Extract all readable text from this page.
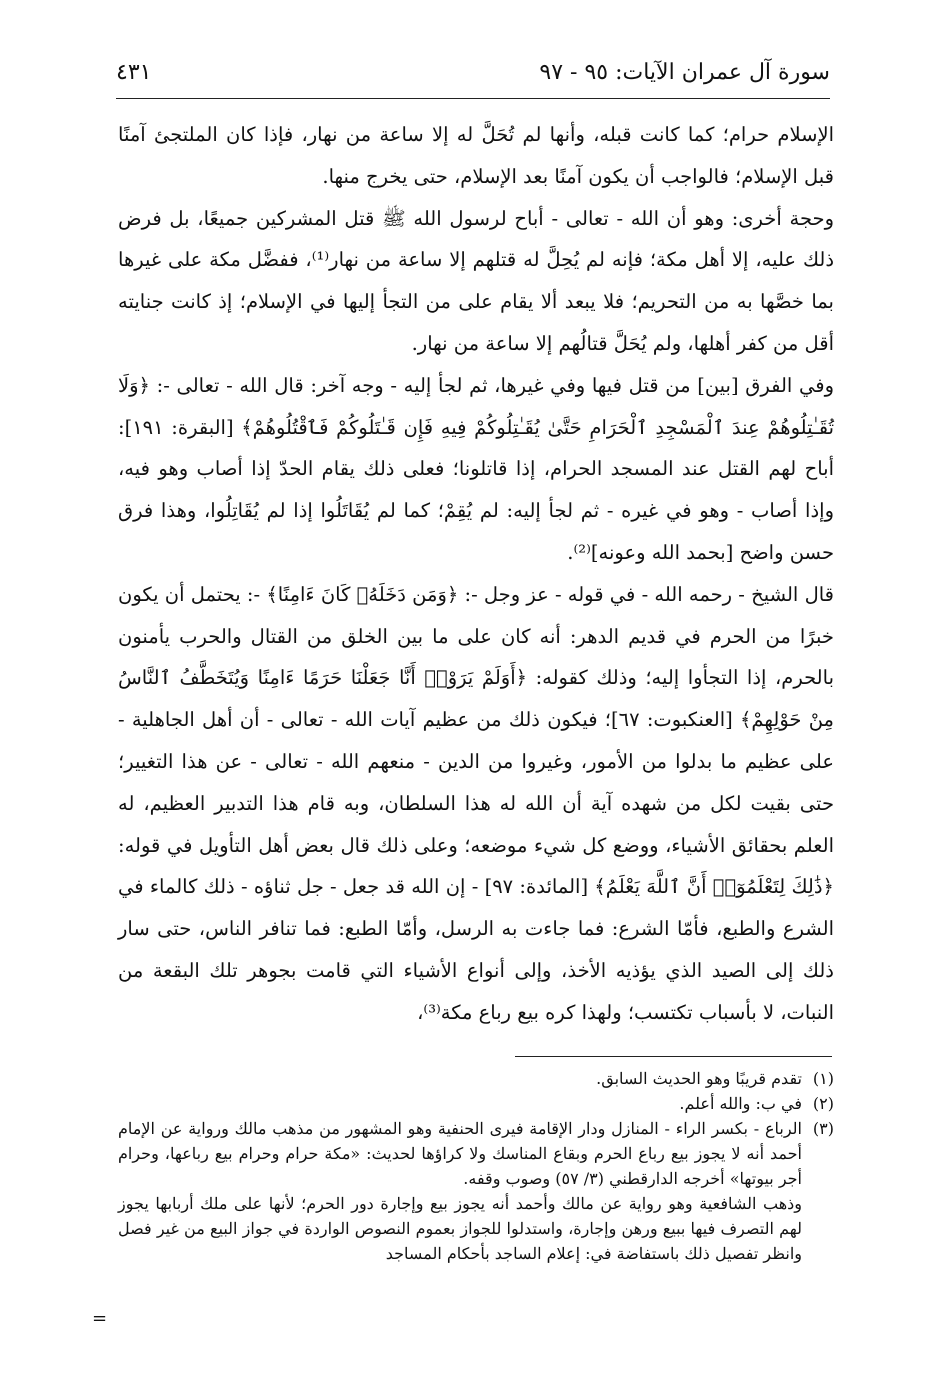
سورة آل عمران الآيات: ٩٥ - ٩٧
٤٣١

الإسلام حرام؛ كما كانت قبله، وأنها لم تُحَلَّ له إلا ساعة من نهار، فإذا كان الملتجئ آمنًا قبل الإسلام؛ فالواجب أن يكون آمنًا بعد الإسلام، حتى يخرج منها.

وحجة أخرى: وهو أن الله - تعالى - أباح لرسول الله ﷺ قتل المشركين جميعًا، بل فرض ذلك عليه، إلا أهل مكة؛ فإنه لم يُحِلَّ له قتلهم إلا ساعة من نهار⁽¹⁾، ففضَّل مكة على غيرها بما خصَّها به من التحريم؛ فلا يبعد ألا يقام على من التجأ إليها في الإسلام؛ إذ كانت جنايته أقل من كفر أهلها، ولم يُحَلَّ قتالُهم إلا ساعة من نهار.

وفي الفرق [بين] من قتل فيها وفي غيرها، ثم لجأ إليه - وجه آخر: قال الله - تعالى -: ﴿وَلَا تُقَـٰتِلُوهُمْ عِندَ ٱلْمَسْجِدِ ٱلْحَرَامِ حَتَّىٰ يُقَـٰتِلُوكُمْ فِيهِ فَإِن قَـٰتَلُوكُمْ فَٱقْتُلُوهُمْ﴾ [البقرة: ١٩١]: أباح لهم القتل عند المسجد الحرام، إذا قاتلونا؛ فعلى ذلك يقام الحدّ إذا أصاب وهو فيه، وإذا أصاب - وهو في غيره - ثم لجأ إليه: لم يُقِمْ؛ كما لم يُقَاتَلُوا إذا لم يُقَاتِلُوا، وهذا فرق حسن واضح [بحمد الله وعونه]⁽²⁾.

قال الشيخ - رحمه الله - في قوله - عز وجل -: ﴿وَمَن دَخَلَهُۥ كَانَ ءَامِنًا﴾ -: يحتمل أن يكون خبرًا من الحرم في قديم الدهر: أنه كان على ما بين الخلق من القتال والحرب يأمنون بالحرم، إذا التجأوا إليه؛ وذلك كقوله: ﴿أَوَلَمْ يَرَوْا۟ أَنَّا جَعَلْنَا حَرَمًا ءَامِنًا وَيُتَخَطَّفُ ٱلنَّاسُ مِنْ حَوْلِهِمْ﴾ [العنكبوت: ٦٧]؛ فيكون ذلك من عظيم آيات الله - تعالى - أن أهل الجاهلية - على عظيم ما بدلوا من الأمور، وغيروا من الدين - منعهم الله - تعالى - عن هذا التغيير؛ حتى بقيت لكل من شهده آية أن الله له هذا السلطان، وبه قام هذا التدبير العظيم، له العلم بحقائق الأشياء، ووضع كل شيء موضعه؛ وعلى ذلك قال بعض أهل التأويل في قوله: ﴿ذَٰلِكَ لِتَعْلَمُوٓا۟ أَنَّ ٱللَّهَ يَعْلَمُ﴾ [المائدة: ٩٧] - إن الله قد جعل - جل ثناؤه - ذلك كالماء في الشرع والطبع، فأمّا الشرع: فما جاءت به الرسل، وأمّا الطبع: فما تنافر الناس، حتى سار ذلك إلى الصيد الذي يؤذيه الأخذ، وإلى أنواع الأشياء التي قامت بجوهر تلك البقعة من النبات، لا بأسباب تكتسب؛ ولهذا كره بيع رباع مكة⁽³⁾،

(١)
تقدم قريبًا وهو الحديث السابق.
(٢)
في ب: والله أعلم.
(٣)
الرباع - بكسر الراء - المنازل ودار الإقامة فيرى الحنفية وهو المشهور من مذهب مالك ورواية عن الإمام أحمد أنه لا يجوز بيع رباع الحرم وبقاع المناسك ولا كراؤها لحديث: «مكة حرام وحرام بيع رباعها، وحرام أجر بيوتها» أخرجه الدارقطني (٣/ ٥٧) وصوب وقفه.

وذهب الشافعية وهو رواية عن مالك وأحمد أنه يجوز بيع وإجارة دور الحرم؛ لأنها على ملك أربابها يجوز لهم التصرف فيها ببيع ورهن وإجارة، واستدلوا للجواز بعموم النصوص الواردة في جواز البيع من غير فصل وانظر تفصيل ذلك باستفاضة في: إعلام الساجد بأحكام المساجد

=
